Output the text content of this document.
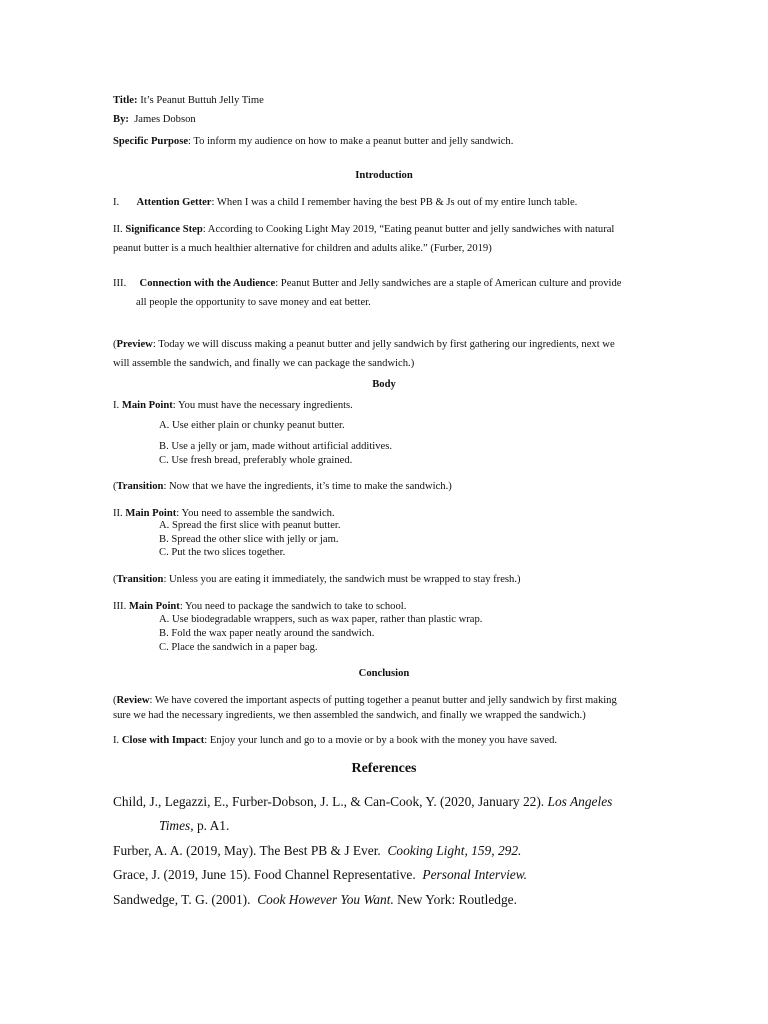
Title: It’s Peanut Buttuh Jelly Time
By: James Dobson
Specific Purpose: To inform my audience on how to make a peanut butter and jelly sandwich.
Introduction
I. Attention Getter: When I was a child I remember having the best PB & Js out of my entire lunch table.
II. Significance Step: According to Cooking Light May 2019, “Eating peanut butter and jelly sandwiches with natural
peanut butter is a much healthier alternative for children and adults alike.” (Furber, 2019)
III. Connection with the Audience: Peanut Butter and Jelly sandwiches are a staple of American culture and provide
all people the opportunity to save money and eat better.
(Preview: Today we will discuss making a peanut butter and jelly sandwich by first gathering our ingredients, next we
will assemble the sandwich, and finally we can package the sandwich.)
Body
I. Main Point: You must have the necessary ingredients.
A. Use either plain or chunky peanut butter.
B. Use a jelly or jam, made without artificial additives.
C. Use fresh bread, preferably whole grained.
(Transition: Now that we have the ingredients, it’s time to make the sandwich.)
II. Main Point: You need to assemble the sandwich.
A. Spread the first slice with peanut butter.
B. Spread the other slice with jelly or jam.
C. Put the two slices together.
(Transition: Unless you are eating it immediately, the sandwich must be wrapped to stay fresh.)
III. Main Point: You need to package the sandwich to take to school.
A. Use biodegradable wrappers, such as wax paper, rather than plastic wrap.
B. Fold the wax paper neatly around the sandwich.
C. Place the sandwich in a paper bag.
Conclusion
(Review: We have covered the important aspects of putting together a peanut butter and jelly sandwich by first making
sure we had the necessary ingredients, we then assembled the sandwich, and finally we wrapped the sandwich.)
I. Close with Impact: Enjoy your lunch and go to a movie or by a book with the money you have saved.
References
Child, J., Legazzi, E., Furber-Dobson, J. L., & Can-Cook, Y. (2020, January 22). Los Angeles
Times, p. A1.
Furber, A. A. (2019, May). The Best PB & J Ever. Cooking Light, 159, 292.
Grace, J. (2019, June 15). Food Channel Representative. Personal Interview.
Sandwedge, T. G. (2001). Cook However You Want. New York: Routledge.
